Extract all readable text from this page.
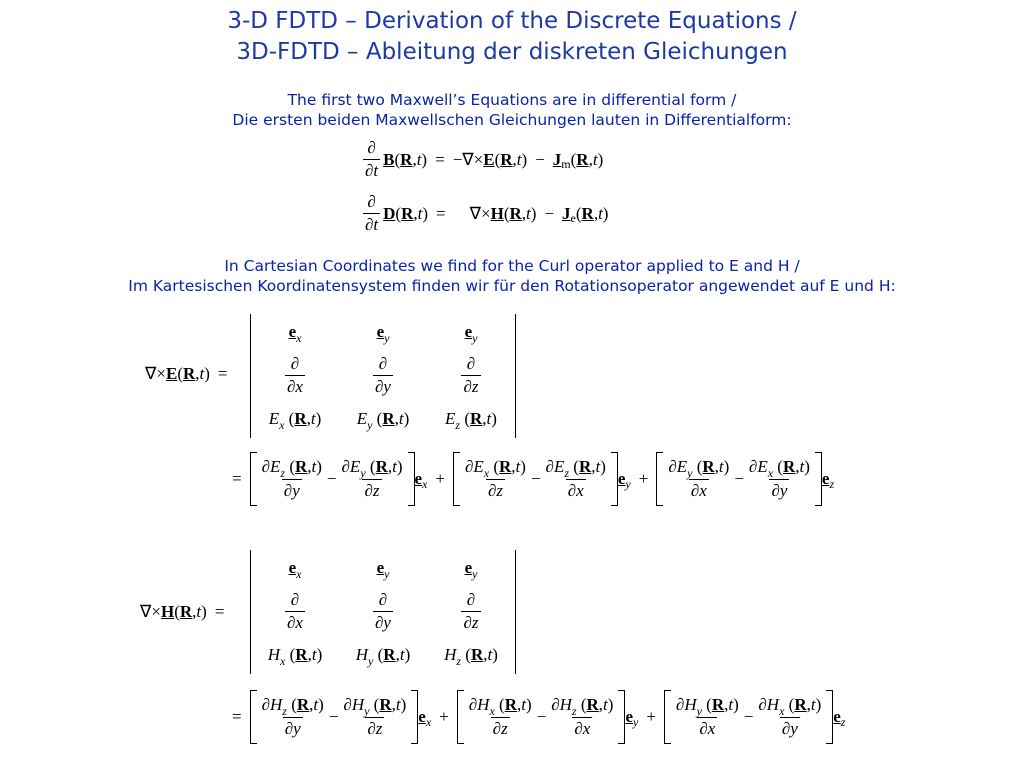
3-D FDTD – Derivation of the Discrete Equations /
3D-FDTD – Ableitung der diskreten Gleichungen
The first two Maxwell’s Equations are in differential form /
Die ersten beiden Maxwellschen Gleichungen lauten in Differentialform:
$\frac{\partial}{\partial t}$ B ( R , t ) = −∇× E ( R , t ) − J m ( R , t )
$\frac{\partial}{\partial t}$ D ( R , t ) = ∇× H ( R , t ) − J e ( R , t )
In Cartesian Coordinates we find for the Curl operator applied to E and H /
Im Kartesischen Koordinatensystem finden wir für den Rotationsoperator angewendet auf E und H:
∇× E ( R , t ) =
$e_x$	$e_y$	$e_y$
$\frac{\partial}{\partial x}$	$\frac{\partial}{\partial y}$	$\frac{\partial}{\partial z}$
$E_x$ (R,t) $E_y$ (R,t) $E_z$ (R,t)
= $\frac{\partial E_z (R,t)}{\partial y} - \frac{\partial E_y (R,t)}{\partial z}$ e $x + \frac{\partial E_x (R,t)}{\partial z} - \frac{\partial E_z (R,t)}{\partial x}$ e $y + \frac{\partial E_y (R,t)}{\partial x} - \frac{\partial E_x (R,t)}{\partial y}$ e z
∇× H ( R , t ) =
$e_x$	$e_y$	$e_y$
$\frac{\partial}{\partial x}$	$\frac{\partial}{\partial y}$	$\frac{\partial}{\partial z}$
$H_x$ (R,t) $H_y$ (R,t) $H_z$ (R,t)
= $\frac{\partial H_z (R,t)}{\partial y} - \frac{\partial H_y (R,t)}{\partial z}$ e $x + \frac{\partial H_x (R,t)}{\partial z} - \frac{\partial H_z (R,t)}{\partial x}$ e $y + \frac{\partial H_y (R,t)}{\partial x} - \frac{\partial H_x (R,t)}{\partial y}$ e z
